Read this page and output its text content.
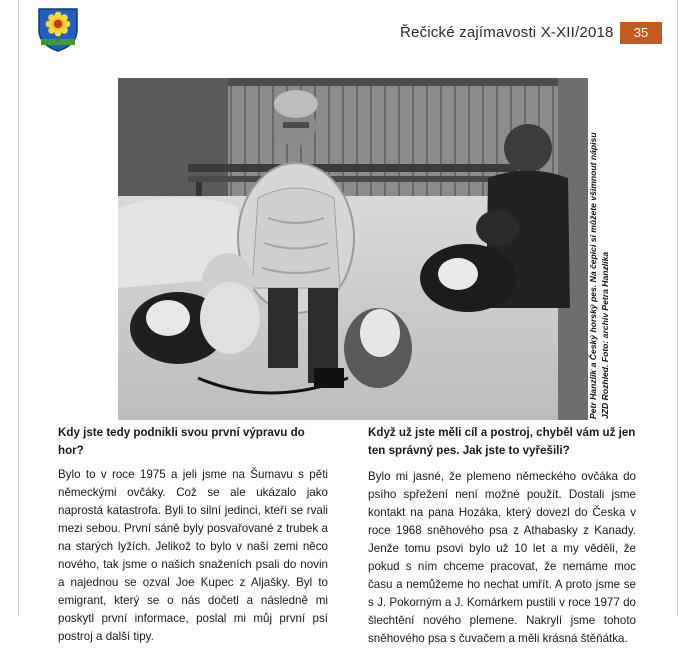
Řečické zajímavosti X-XII/2018	35
Petr Hanzlík a Český horský pes. Na čepici si můžete všimnout nápisu JZD Rozhled. Foto: archiv Petra Hanzlíka

Kdy jste tedy podnikli svou první výpravu do hor?

Bylo to v roce 1975 a jeli jsme na Šumavu s pěti německými ovčáky. Což se ale ukázalo jako naprostá katastrofa. Byli to silní jedinci, kteří se rvali mezi sebou. První sáně byly posvařované z trubek a na starých lyžích. Jelikož to bylo v naší zemi něco nového, tak jsme o našich snaženích psali do novin a najednou se ozval Joe Kupec z Aljašky. Byl to emigrant, který se o nás dočetl a následně mi poskytl první informace, poslal mi můj první psí postroj a další tipy.

Když už jste měli cíl a postroj, chyběl vám už jen ten správný pes. Jak jste to vyřešili?

Bylo mi jasné, že plemeno německého ovčáka do psího spřežení není možné použít. Dostali jsme kontakt na pana Hozáka, který dovezl do Česka v roce 1968 sněhového psa z Athabasky z Kanady. Jenže tomu psovi bylo už 10 let a my věděli, že pokud s ním chceme pracovat, že nemáme moc času a nemůžeme ho nechat umřít. A proto jsme se s J. Pokorným a J. Komárkem pustili v roce 1977 do šlechtění nového plemene. Nakrylí jsme tohoto sněhového psa s čuvačem a měli krásná štěňátka.
